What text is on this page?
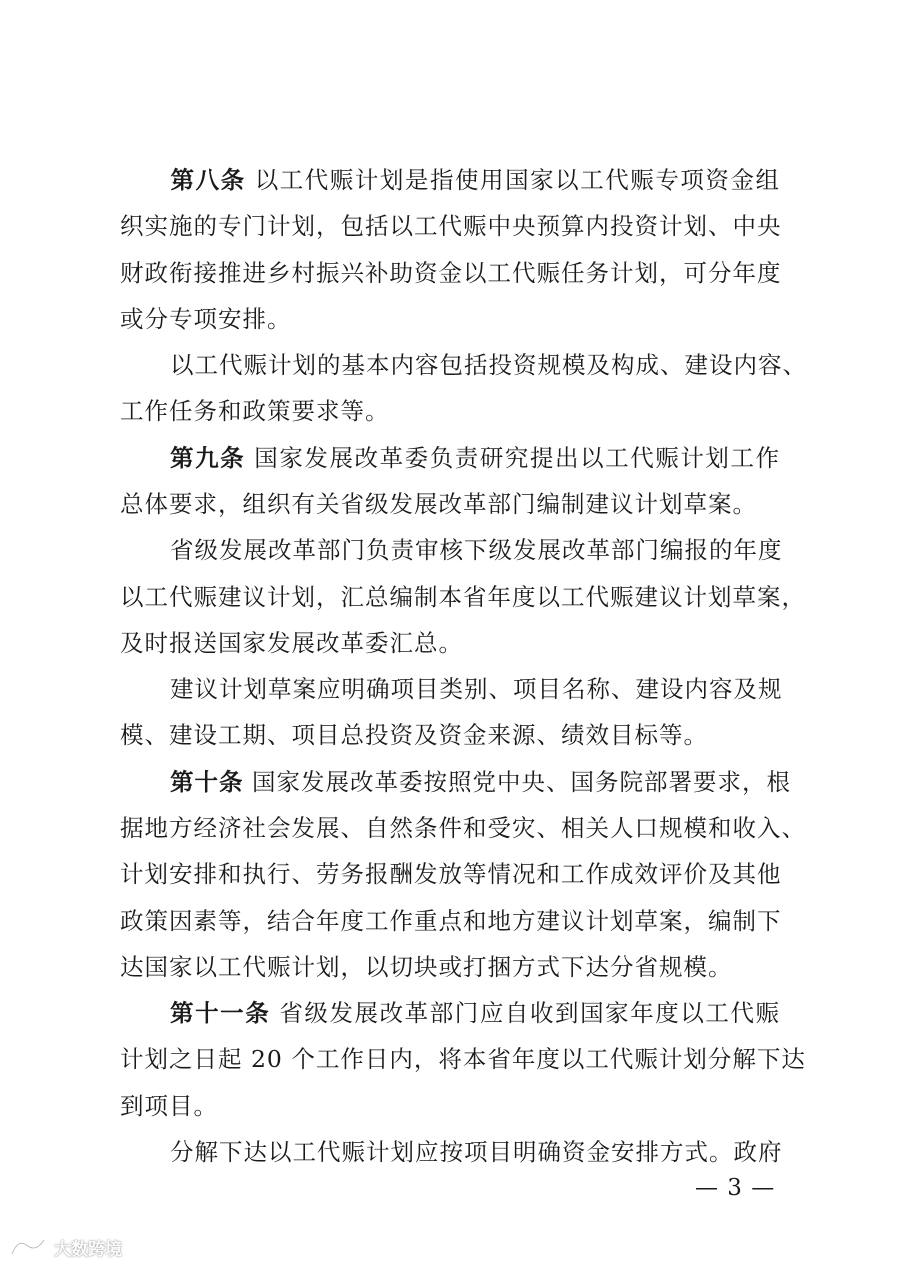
第八条 以工代赈计划是指使用国家以工代赈专项资金组
织实施的专门计划，包括以工代赈中央预算内投资计划、中央
财政衔接推进乡村振兴补助资金以工代赈任务计划，可分年度
或分专项安排。
以工代赈计划的基本内容包括投资规模及构成、建设内容、
工作任务和政策要求等。
第九条 国家发展改革委负责研究提出以工代赈计划工作
总体要求，组织有关省级发展改革部门编制建议计划草案。
省级发展改革部门负责审核下级发展改革部门编报的年度
以工代赈建议计划，汇总编制本省年度以工代赈建议计划草案，
及时报送国家发展改革委汇总。
建议计划草案应明确项目类别、项目名称、建设内容及规
模、建设工期、项目总投资及资金来源、绩效目标等。
第十条 国家发展改革委按照党中央、国务院部署要求，根
据地方经济社会发展、自然条件和受灾、相关人口规模和收入、
计划安排和执行、劳务报酬发放等情况和工作成效评价及其他
政策因素等，结合年度工作重点和地方建议计划草案，编制下
达国家以工代赈计划，以切块或打捆方式下达分省规模。
第十一条 省级发展改革部门应自收到国家年度以工代赈
计划之日起 20 个工作日内，将本省年度以工代赈计划分解下达
到项目。
分解下达以工代赈计划应按项目明确资金安排方式。政府
— 3 —
大数跨境
